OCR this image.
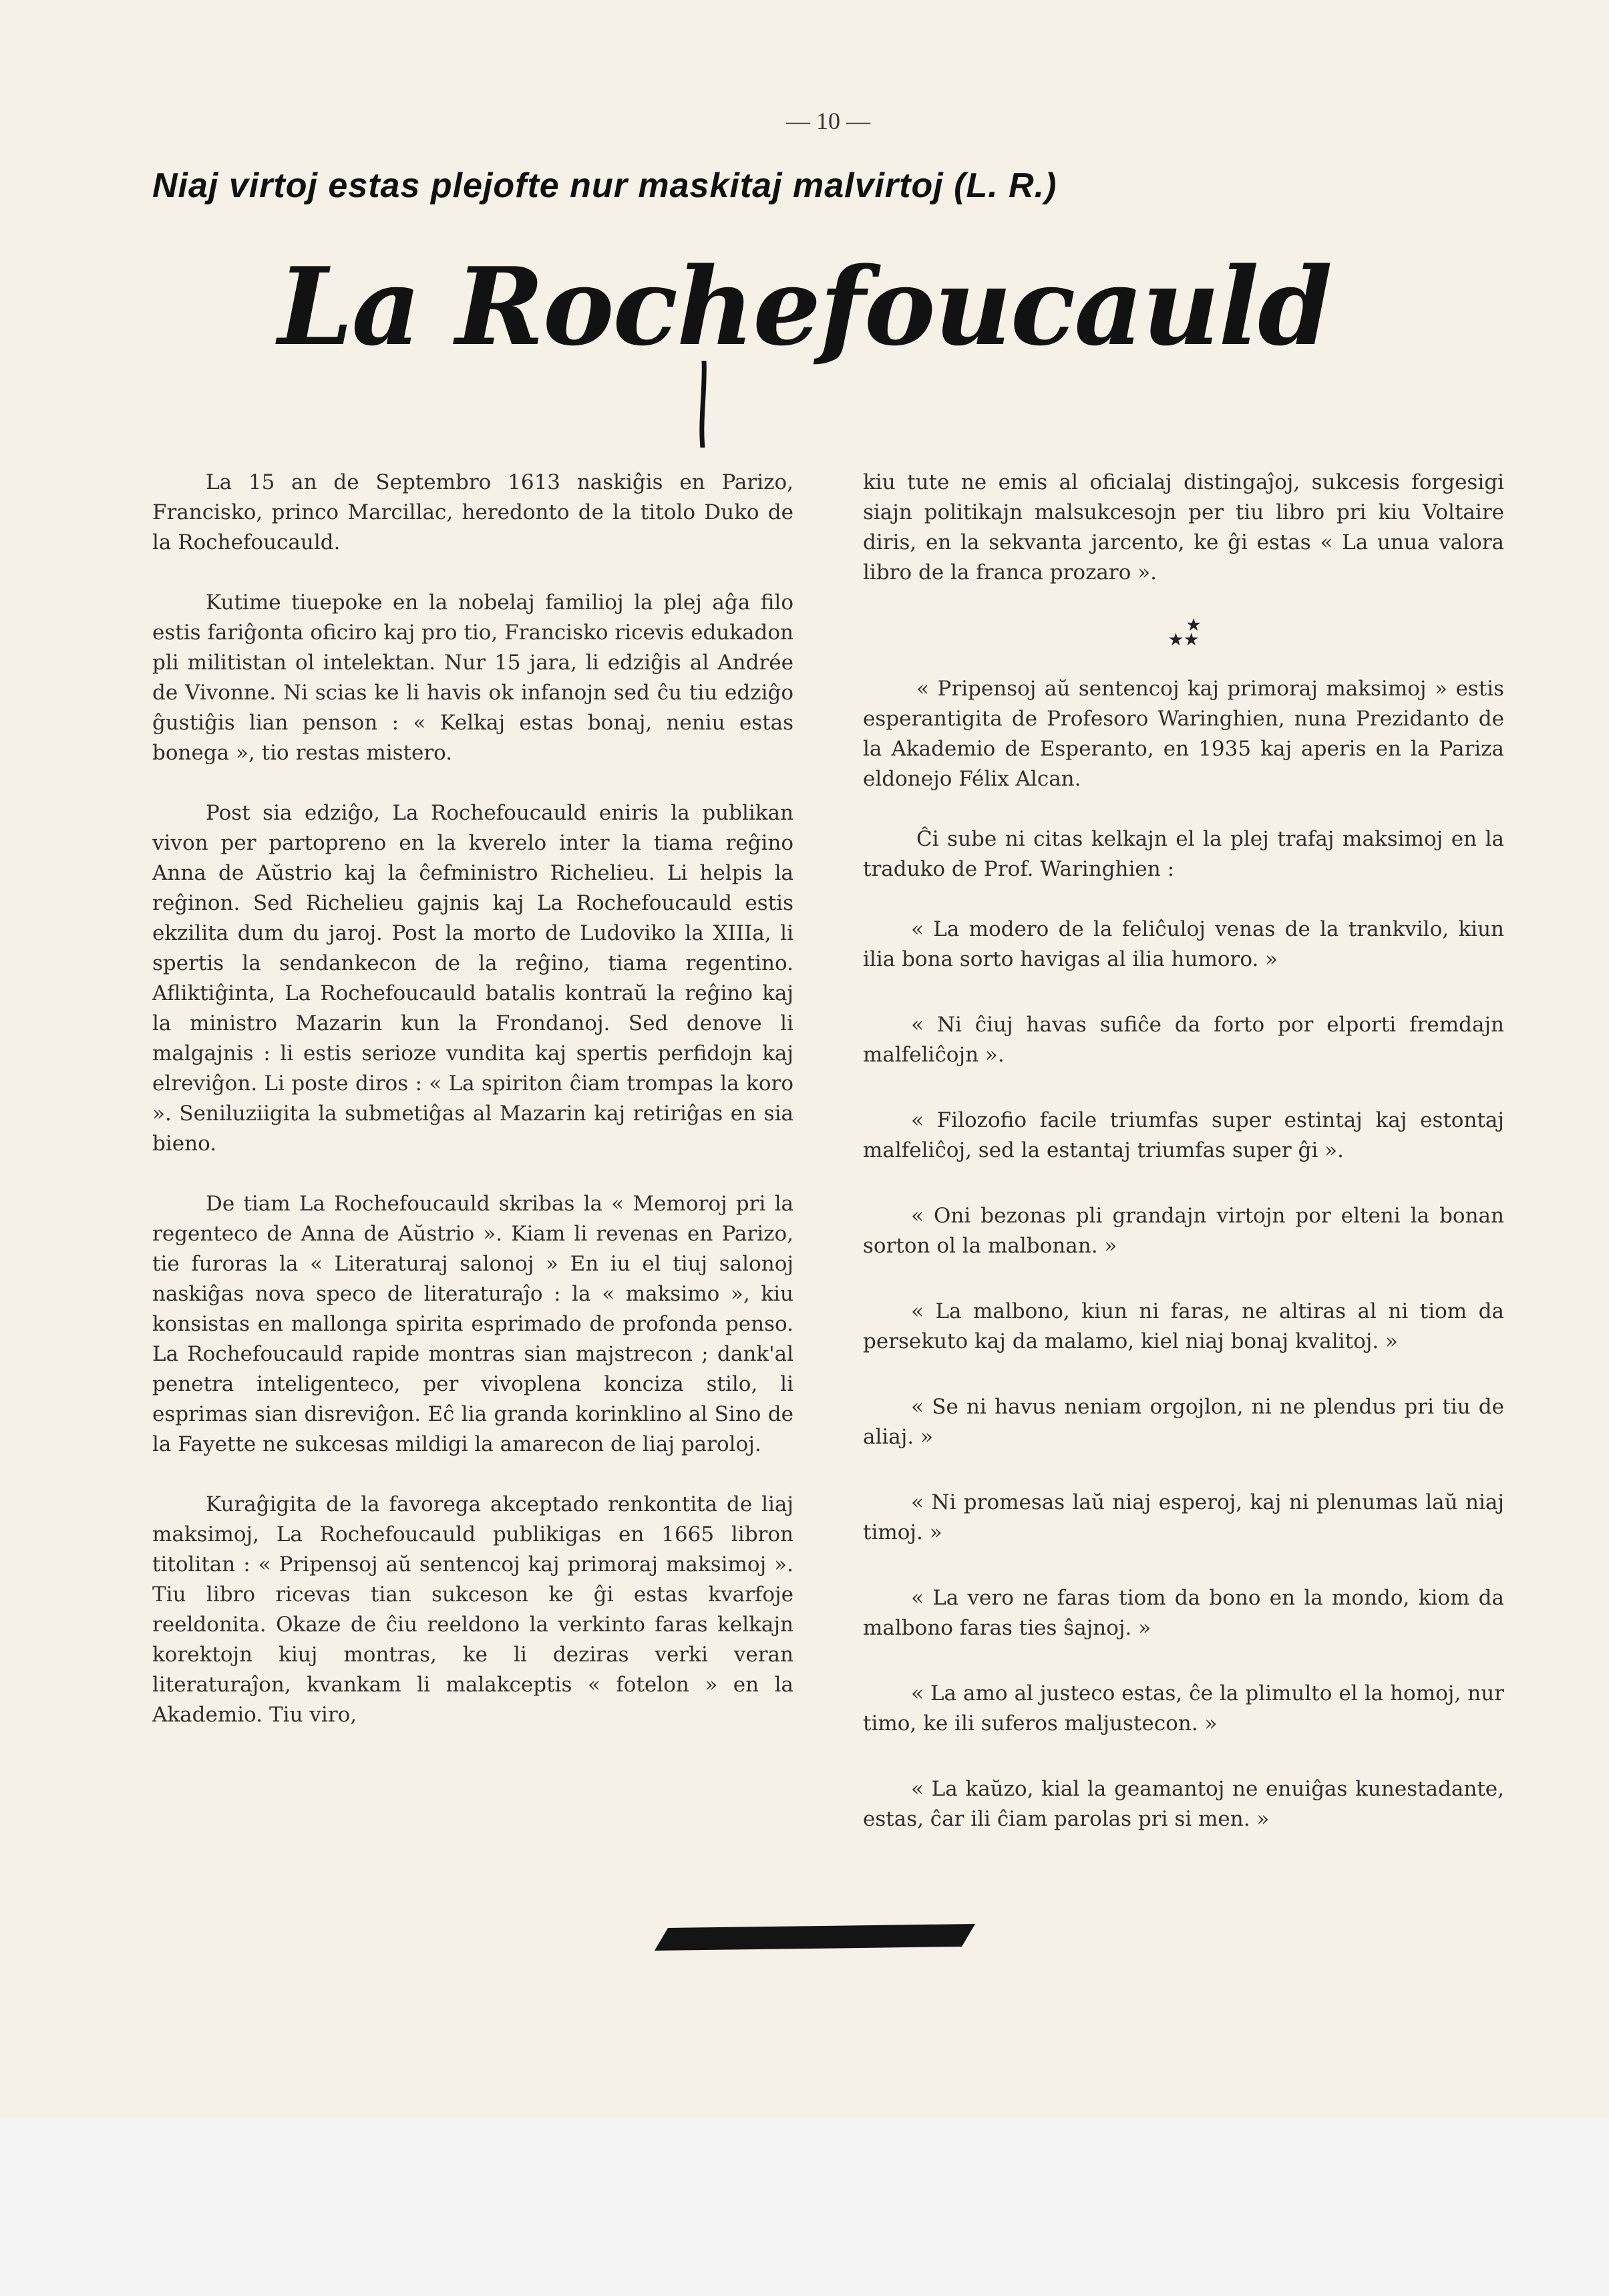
— 10 —
Niaj virtoj estas plejofte nur maskitaj malvirtoj (L. R.)
La Rochefoucauld

La 15 an de Septembro 1613 naskiĝis en Parizo, Francisko, princo Marcillac, heredonto de la titolo Duko de la Rochefoucauld.

Kutime tiuepoke en la nobelaj familioj la plej aĝa filo estis fariĝonta oficiro kaj pro tio, Francisko ricevis edukadon pli militistan ol intelektan. Nur 15 jara, li edziĝis al Andrée de Vivonne. Ni scias ke li havis ok infanojn sed ĉu tiu edziĝo ĝustiĝis lian penson : « Kelkaj estas bonaj, neniu estas bonega », tio restas mistero.

Post sia edziĝo, La Rochefoucauld eniris la publikan vivon per partopreno en la kverelo inter la tiama reĝino Anna de Aŭstrio kaj la ĉefministro Richelieu. Li helpis la reĝinon. Sed Richelieu gajnis kaj La Rochefoucauld estis ekzilita dum du jaroj. Post la morto de Ludoviko la XIIIa, li spertis la sendankecon de la reĝino, tiama regentino. Afliktiĝinta, La Rochefoucauld batalis kontraŭ la reĝino kaj la ministro Mazarin kun la Frondanoj. Sed denove li malgajnis : li estis serioze vundita kaj spertis perfidojn kaj elreviĝon. Li poste diros : « La spiriton ĉiam trompas la koro ». Seniluziigita la submetiĝas al Mazarin kaj retiriĝas en sia bieno.

De tiam La Rochefoucauld skribas la « Memoroj pri la regenteco de Anna de Aŭstrio ». Kiam li revenas en Parizo, tie furoras la « Literaturaj salonoj » En iu el tiuj salonoj naskiĝas nova speco de literaturaĵo : la « maksimo », kiu konsistas en mallonga spirita esprimado de profonda penso. La Rochefoucauld rapide montras sian majstrecon ; dank'al penetra inteligenteco, per vivoplena konciza stilo, li esprimas sian disreviĝon. Eĉ lia granda korinklino al Sino de la Fayette ne sukcesas mildigi la amarecon de liaj paroloj.

Kuraĝigita de la favorega akceptado renkontita de liaj maksimoj, La Rochefoucauld publikigas en 1665 libron titolitan : « Pripensoj aŭ sentencoj kaj primoraj maksimoj ». Tiu libro ricevas tian sukceson ke ĝi estas kvarfoje reeldonita. Okaze de ĉiu reeldono la verkinto faras kelkajn korektojn kiuj montras, ke li deziras verki veran literaturaĵon, kvankam li malakceptis « fotelon » en la Akademio. Tiu viro,

kiu tute ne emis al oficialaj distingaĵoj, sukcesis forgesigi siajn politikajn malsukcesojn per tiu libro pri kiu Voltaire diris, en la sekvanta jarcento, ke ĝi estas « La unua valora libro de la franca prozaro ».

★
★★

« Pripensoj aŭ sentencoj kaj primoraj maksimoj » estis esperantigita de Profesoro Waringhien, nuna Prezidanto de la Akademio de Esperanto, en 1935 kaj aperis en la Pariza eldonejo Félix Alcan.

Ĉi sube ni citas kelkajn el la plej trafaj maksimoj en la traduko de Prof. Waringhien :

« La modero de la feliĉuloj venas de la trankvilo, kiun ilia bona sorto havigas al ilia humoro. »

« Ni ĉiuj havas sufiĉe da forto por elporti fremdajn malfeliĉojn ».

« Filozofio facile triumfas super estintaj kaj estontaj malfeliĉoj, sed la estantaj triumfas super ĝi ».

« Oni bezonas pli grandajn virtojn por elteni la bonan sorton ol la malbonan. »

« La malbono, kiun ni faras, ne altiras al ni tiom da persekuto kaj da malamo, kiel niaj bonaj kvalitoj. »

« Se ni havus neniam orgojlon, ni ne plendus pri tiu de aliaj. »

« Ni promesas laŭ niaj esperoj, kaj ni plenumas laŭ niaj timoj. »

« La vero ne faras tiom da bono en la mondo, kiom da malbono faras ties ŝajnoj. »

« La amo al justeco estas, ĉe la plimulto el la homoj, nur timo, ke ili suferos maljustecon. »

« La kaŭzo, kial la geamantoj ne enuiĝas kunestadante, estas, ĉar ili ĉiam parolas pri si men. »
